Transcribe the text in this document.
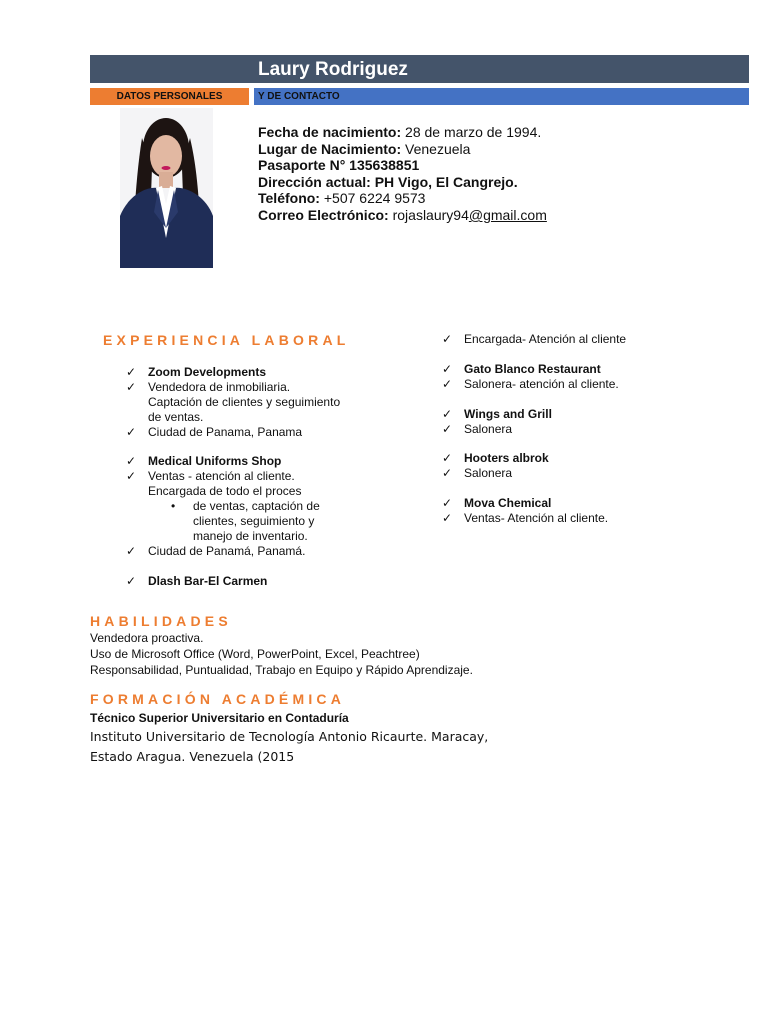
Laury Rodriguez
DATOS PERSONALES	Y DE CONTACTO
Fecha de nacimiento: 28 de marzo de 1994.
Lugar de Nacimiento: Venezuela
Pasaporte N° 135638851
Dirección actual: PH Vigo, El Cangrejo.
Teléfono: +507 6224 9573
Correo Electrónico: rojaslaury94@gmail.com
EXPERIENCIA LABORAL
✓ Zoom Developments
✓ Vendedora de inmobiliaria.
Captación de clientes y seguimiento
de ventas.
✓ Ciudad de Panama, Panama
✓ Medical Uniforms Shop
✓ Ventas - atención al cliente.
Encargada de todo el proces
• de ventas, captación de
clientes, seguimiento y
manejo de inventario.
✓ Ciudad de Panamá, Panamá.
✓ Dlash Bar-El Carmen
✓ Encargada- Atención al cliente
✓ Gato Blanco Restaurant
✓ Salonera- atención al cliente.
✓ Wings and Grill
✓ Salonera
✓ Hooters albrok
✓ Salonera
✓ Mova Chemical
✓ Ventas- Atención al cliente.
HABILIDADES
Vendedora proactiva.
Uso de Microsoft Office (Word, PowerPoint, Excel, Peachtree)
Responsabilidad, Puntualidad, Trabajo en Equipo y Rápido Aprendizaje.
FORMACIÓN ACADÉMICA
Técnico Superior Universitario en Contaduría
Instituto Universitario de Tecnología Antonio Ricaurte. Maracay,
Estado Aragua. Venezuela (2015
